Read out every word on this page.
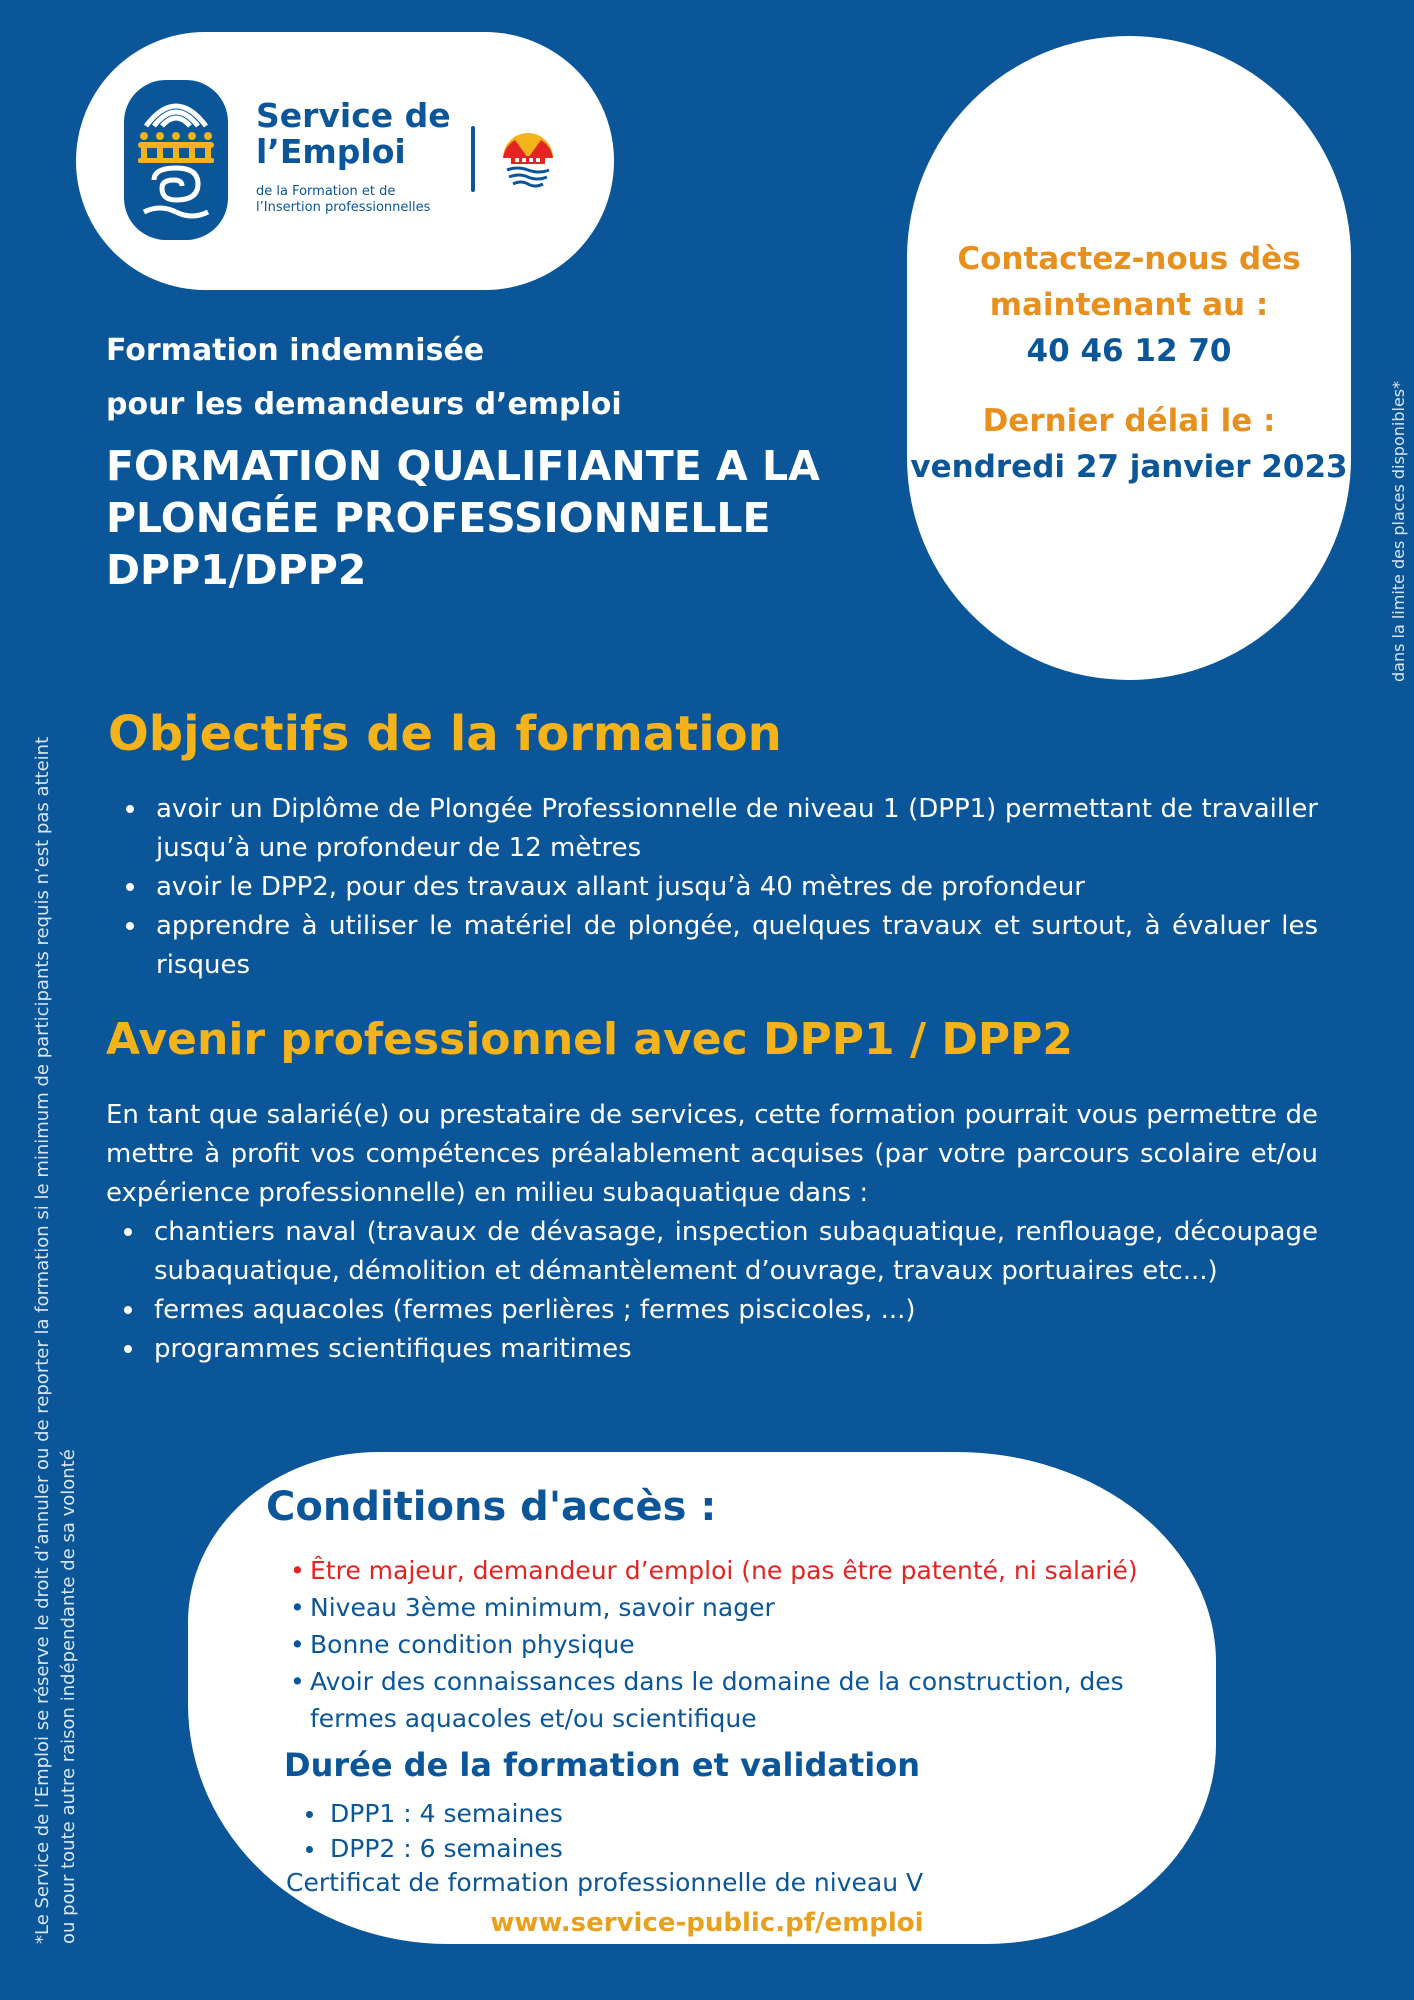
Service de
l’Emploi
de la Formation et de
l’Insertion professionnelles
Contactez-nous dès
maintenant au :
40 46 12 70
Dernier délai le :
vendredi 27 janvier 2023	dans la limite des places disponibles*
*Le Service de l’Emploi se réserve le droit d’annuler ou de reporter la formation si le minimum de participants requis n’est pas atteint ou pour toute autre raison indépendante de sa volonté
Formation indemnisée
pour les demandeurs d’emploi
FORMATION QUALIFIANTE A LA
PLONGÉE PROFESSIONNELLE
DPP1/DPP2
Objectifs de la formation
avoir un Diplôme de Plongée Professionnelle de niveau 1 (DPP1) permettant de travailler jusqu’à une profondeur de 12 mètres
avoir le DPP2, pour des travaux allant jusqu’à 40 mètres de profondeur
apprendre à utiliser le matériel de plongée, quelques travaux et surtout, à évaluer les risques
Avenir professionnel avec DPP1 / DPP2
En tant que salarié(e) ou prestataire de services, cette formation pourrait vous permettre de mettre à profit vos compétences préalablement acquises (par votre parcours scolaire et/ou expérience professionnelle) en milieu subaquatique dans :
chantiers naval (travaux de dévasage, inspection subaquatique, renflouage, découpage subaquatique, démolition et démantèlement d’ouvrage, travaux portuaires etc...)
fermes aquacoles (fermes perlières ; fermes piscicoles, ...)
programmes scientifiques maritimes
Conditions d'accès :
• Être majeur, demandeur d’emploi (ne pas être patenté, ni salarié)
• Niveau 3ème minimum, savoir nager
• Bonne condition physique
• Avoir des connaissances dans le domaine de la construction, des fermes aquacoles et/ou scientifique
Durée de la formation et validation
DPP1 : 4 semaines
DPP2 : 6 semaines
Certificat de formation professionnelle de niveau V
www.service-public.pf/emploi
